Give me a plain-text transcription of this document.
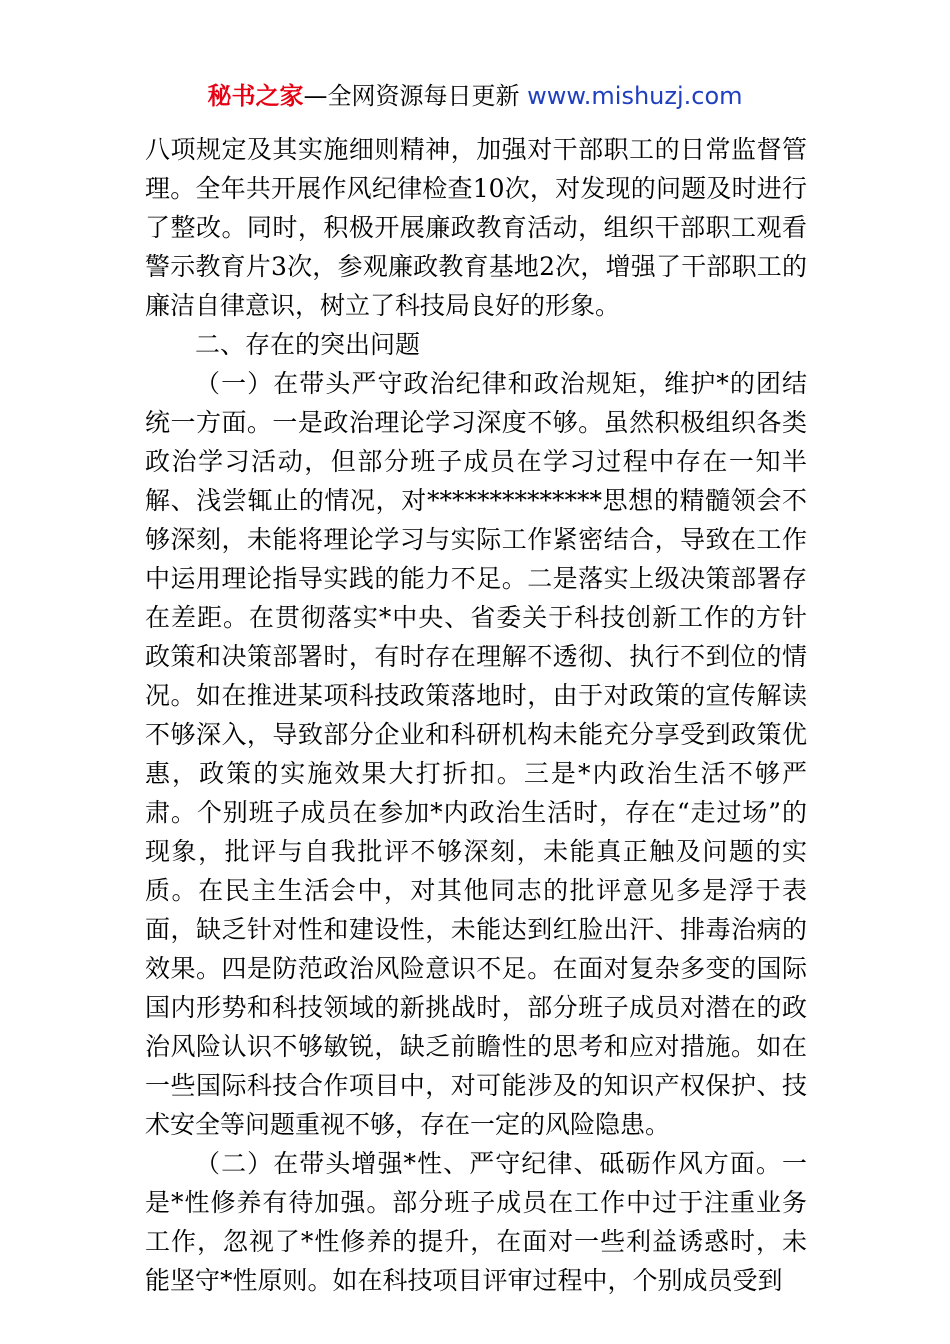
秘书之家—全网资源每日更新 www.mishuzj.com

八项规定及其实施细则精神，加强对干部职工的日常监督管理。全年共开展作风纪律检查10次，对发现的问题及时进行了整改。同时，积极开展廉政教育活动，组织干部职工观看警示教育片3次，参观廉政教育基地2次，增强了干部职工的廉洁自律意识，树立了科技局良好的形象。

二、存在的突出问题

（一）在带头严守政治纪律和政治规矩，维护*的团结统一方面。一是政治理论学习深度不够。虽然积极组织各类政治学习活动，但部分班子成员在学习过程中存在一知半解、浅尝辄止的情况，对**************思想的精髓领会不够深刻，未能将理论学习与实际工作紧密结合，导致在工作中运用理论指导实践的能力不足。二是落实上级决策部署存在差距。在贯彻落实*中央、省委关于科技创新工作的方针政策和决策部署时，有时存在理解不透彻、执行不到位的情况。如在推进某项科技政策落地时，由于对政策的宣传解读不够深入，导致部分企业和科研机构未能充分享受到政策优惠，政策的实施效果大打折扣。三是*内政治生活不够严肃。个别班子成员在参加*内政治生活时，存在“走过场”的现象，批评与自我批评不够深刻，未能真正触及问题的实质。在民主生活会中，对其他同志的批评意见多是浮于表面，缺乏针对性和建设性，未能达到红脸出汗、排毒治病的效果。四是防范政治风险意识不足。在面对复杂多变的国际国内形势和科技领域的新挑战时，部分班子成员对潜在的政治风险认识不够敏锐，缺乏前瞻性的思考和应对措施。如在一些国际科技合作项目中，对可能涉及的知识产权保护、技术安全等问题重视不够，存在一定的风险隐患。

（二）在带头增强*性、严守纪律、砥砺作风方面。一是*性修养有待加强。部分班子成员在工作中过于注重业务工作，忽视了*性修养的提升，在面对一些利益诱惑时，未能坚守*性原则。如在科技项目评审过程中，个别成员受到
